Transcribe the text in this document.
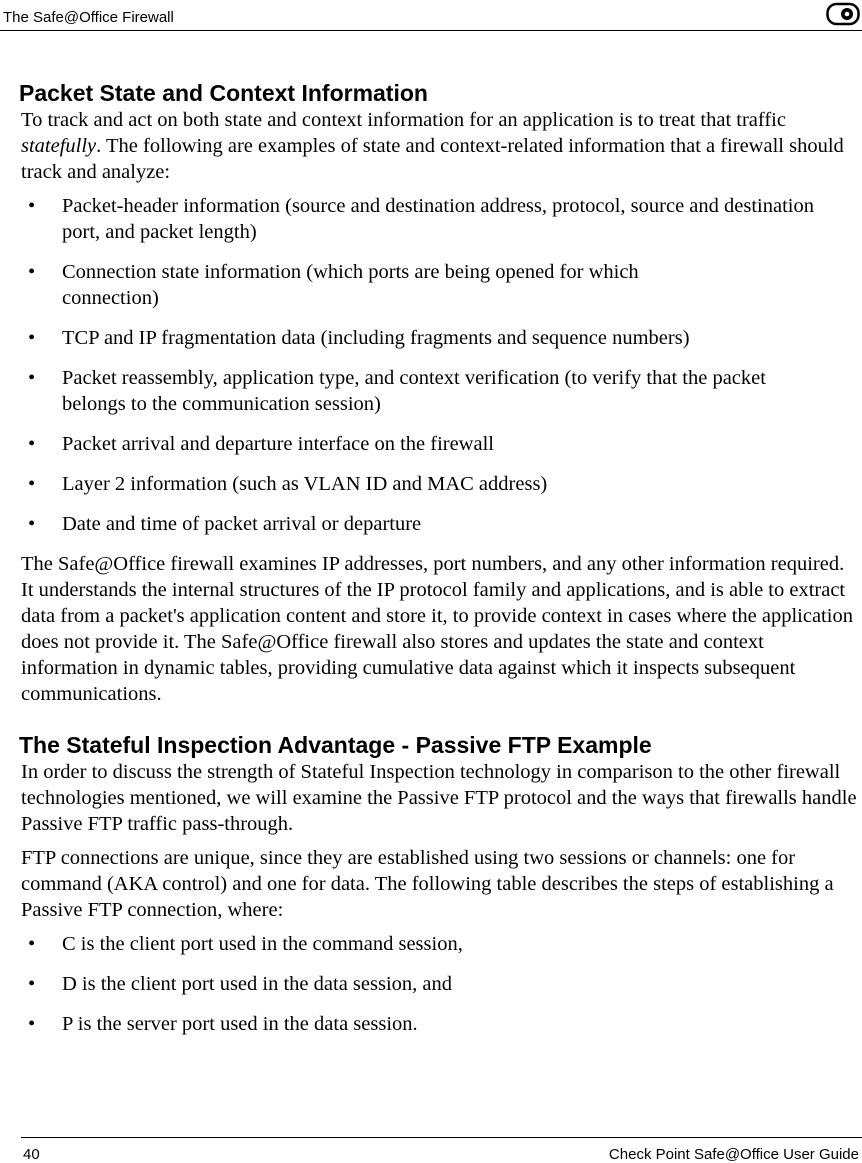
The Safe@Office Firewall
Packet State and Context Information

To track and act on both state and context information for an application is to treat that traffic statefully. The following are examples of state and context-related information that a firewall should track and analyze:

• Packet-header information (source and destination address, protocol, source and destination port, and packet length)
• Connection state information (which ports are being opened for which connection)
• TCP and IP fragmentation data (including fragments and sequence numbers)
• Packet reassembly, application type, and context verification (to verify that the packet belongs to the communication session)
• Packet arrival and departure interface on the firewall
• Layer 2 information (such as VLAN ID and MAC address)
• Date and time of packet arrival or departure

The Safe@Office firewall examines IP addresses, port numbers, and any other information required. It understands the internal structures of the IP protocol family and applications, and is able to extract data from a packet's application content and store it, to provide context in cases where the application does not provide it. The Safe@Office firewall also stores and updates the state and context information in dynamic tables, providing cumulative data against which it inspects subsequent communications.

The Stateful Inspection Advantage - Passive FTP Example

In order to discuss the strength of Stateful Inspection technology in comparison to the other firewall technologies mentioned, we will examine the Passive FTP protocol and the ways that firewalls handle Passive FTP traffic pass-through.

FTP connections are unique, since they are established using two sessions or channels: one for command (AKA control) and one for data. The following table describes the steps of establishing a Passive FTP connection, where:

• C is the client port used in the command session,
• D is the client port used in the data session, and
• P is the server port used in the data session.
40	Check Point Safe@Office User Guide
